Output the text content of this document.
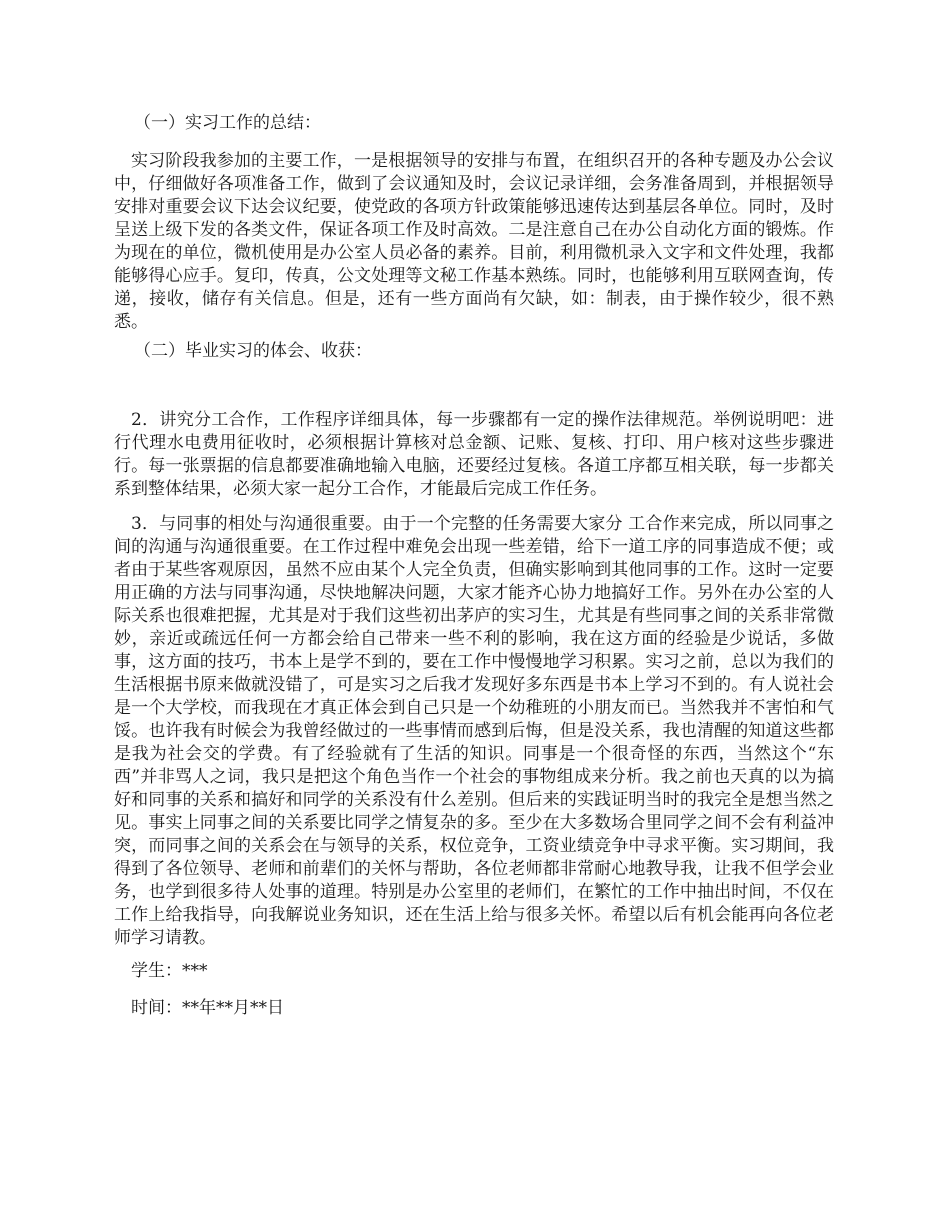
（一）实习工作的总结：
实习阶段我参加的主要工作，一是根据领导的安排与布置，在组织召开的各种专题及办公会议中，仔细做好各项准备工作，做到了会议通知及时，会议记录详细，会务准备周到，并根据领导安排对重要会议下达会议纪要，使党政的各项方针政策能够迅速传达到基层各单位。同时，及时呈送上级下发的各类文件，保证各项工作及时高效。二是注意自己在办公自动化方面的锻炼。作为现在的单位，微机使用是办公室人员必备的素养。目前，利用微机录入文字和文件处理，我都能够得心应手。复印，传真，公文处理等文秘工作基本熟练。同时，也能够利用互联网查询，传递，接收，储存有关信息。但是，还有一些方面尚有欠缺，如：制表，由于操作较少，很不熟悉。
（二）毕业实习的体会、收获：
2．讲究分工合作，工作程序详细具体，每一步骤都有一定的操作法律规范。举例说明吧：进行代理水电费用征收时，必须根据计算核对总金额、记账、复核、打印、用户核对这些步骤进行。每一张票据的信息都要准确地输入电脑，还要经过复核。各道工序都互相关联，每一步都关系到整体结果，必须大家一起分工合作，才能最后完成工作任务。
3．与同事的相处与沟通很重要。由于一个完整的任务需要大家分 工合作来完成，所以同事之间的沟通与沟通很重要。在工作过程中难免会出现一些差错，给下一道工序的同事造成不便；或者由于某些客观原因，虽然不应由某个人完全负责，但确实影响到其他同事的工作。这时一定要用正确的方法与同事沟通，尽快地解决问题，大家才能齐心协力地搞好工作。另外在办公室的人际关系也很难把握，尤其是对于我们这些初出茅庐的实习生，尤其是有些同事之间的关系非常微妙，亲近或疏远任何一方都会给自己带来一些不利的影响，我在这方面的经验是少说话，多做事，这方面的技巧，书本上是学不到的，要在工作中慢慢地学习积累。实习之前，总以为我们的生活根据书原来做就没错了，可是实习之后我才发现好多东西是书本上学习不到的。有人说社会是一个大学校，而我现在才真正体会到自己只是一个幼稚班的小朋友而已。当然我并不害怕和气馁。也许我有时候会为我曾经做过的一些事情而感到后悔，但是没关系，我也清醒的知道这些都是我为社会交的学费。有了经验就有了生活的知识。同事是一个很奇怪的东西，当然这个“东西”并非骂人之词，我只是把这个角色当作一个社会的事物组成来分析。我之前也天真的以为搞好和同事的关系和搞好和同学的关系没有什么差别。但后来的实践证明当时的我完全是想当然之见。事实上同事之间的关系要比同学之情复杂的多。至少在大多数场合里同学之间不会有利益冲突，而同事之间的关系会在与领导的关系，权位竞争，工资业绩竞争中寻求平衡。实习期间，我得到了各位领导、老师和前辈们的关怀与帮助，各位老师都非常耐心地教导我，让我不但学会业务，也学到很多待人处事的道理。特别是办公室里的老师们，在繁忙的工作中抽出时间，不仅在工作上给我指导，向我解说业务知识，还在生活上给与很多关怀。希望以后有机会能再向各位老师学习请教。
学生：***
时间：**年**月**日
